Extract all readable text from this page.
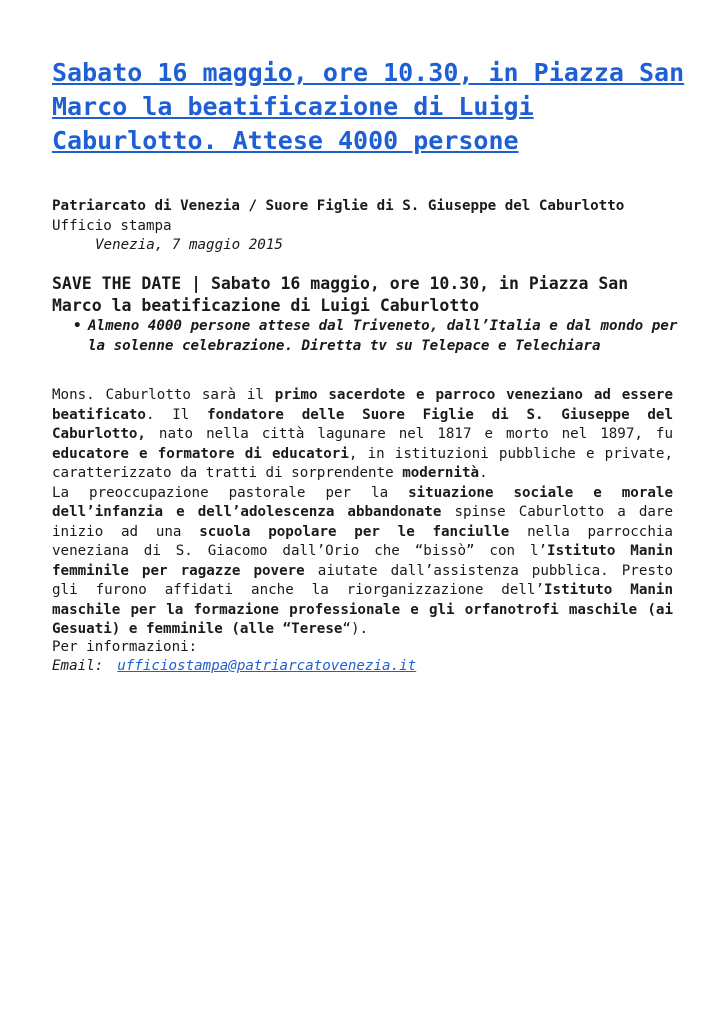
Sabato 16 maggio, ore 10.30, in Piazza San Marco la beatificazione di Luigi Caburlotto. Attese 4000 persone
Patriarcato di Venezia / Suore Figlie di S. Giuseppe del Caburlotto
Ufficio stampa
Venezia, 7 maggio 2015
SAVE THE DATE | Sabato 16 maggio, ore 10.30, in Piazza San Marco la beatificazione di Luigi Caburlotto
• Almeno 4000 persone attese dal Triveneto, dall’Italia e dal mondo per la solenne celebrazione. Diretta tv su Telepace e Telechiara

Mons. Caburlotto sarà il primo sacerdote e parroco veneziano ad essere beatificato. Il fondatore delle Suore Figlie di S. Giuseppe del Caburlotto, nato nella città lagunare nel 1817 e morto nel 1897, fu educatore e formatore di educatori, in istituzioni pubbliche e private, caratterizzato da tratti di sorprendente modernità.

La preoccupazione pastorale per la situazione sociale e morale dell’infanzia e dell’adolescenza abbandonate spinse Caburlotto a dare inizio ad una scuola popolare per le fanciulle nella parrocchia veneziana di S. Giacomo dall’Orio che “bissò” con l’Istituto Manin femminile per ragazze povere aiutate dall’assistenza pubblica. Presto gli furono affidati anche la riorganizzazione dell’Istituto Manin maschile per la formazione professionale e gli orfanotrofi maschile (ai Gesuati) e femminile (alle “Terese“).

Per informazioni:
Email: ufficiostampa@patriarcatovenezia.it
